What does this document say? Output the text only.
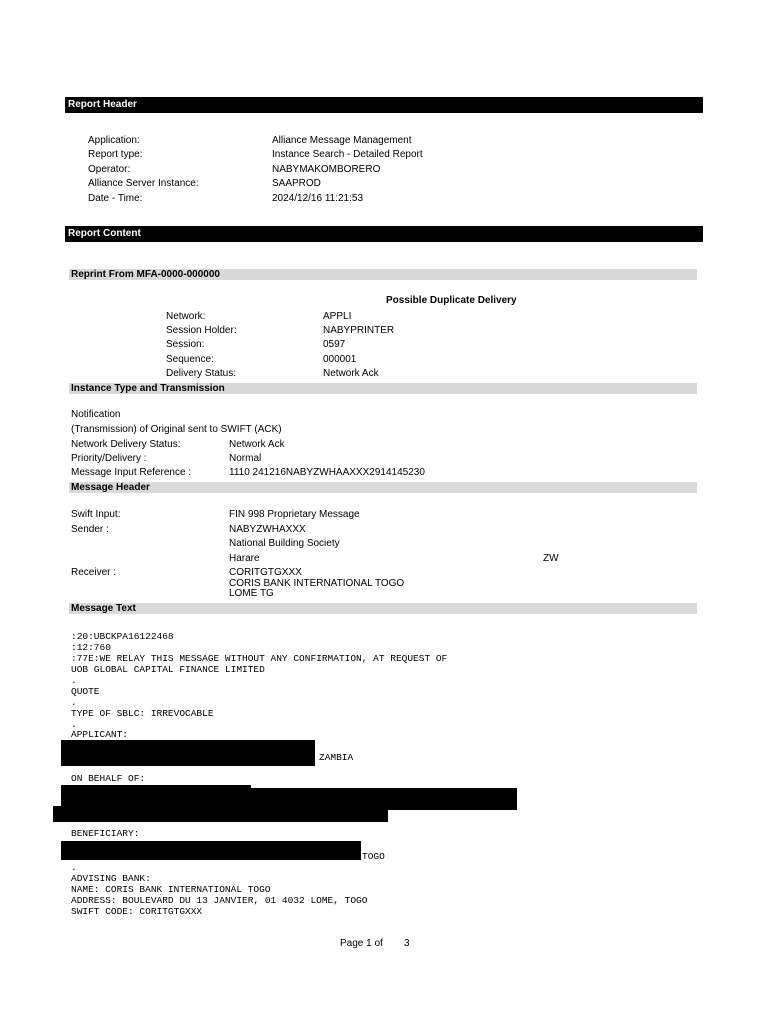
Report Header
Application:	Alliance Message Management
Report type:	Instance Search - Detailed Report
Operator:	NABYMAKOMBORERO
Alliance Server Instance:	SAAPROD
Date - Time:	2024/12/16 11:21:53
Report Content
Reprint From MFA-0000-000000
Possible Duplicate Delivery
Network:	APPLI
Session Holder:	NABYPRINTER
Session:	0597
Sequence:	000001
Delivery Status:	Network Ack
Instance Type and Transmission
Notification
(Transmission) of Original sent to SWIFT (ACK)
Network Delivery Status:	Network Ack
Priority/Delivery :	Normal
Message Input Reference :	1110 241216NABYZWHAAXXX2914145230
Message Header
Swift Input:	FIN 998 Proprietary Message
Sender :	NABYZWHAXXX
National Building Society
Harare	ZW
Receiver :	CORITGTGXXX
CORIS BANK INTERNATIONAL TOGO
LOME TG
Message Text
:20:UBCKPA16122468
:12:760
:77E:WE RELAY THIS MESSAGE WITHOUT ANY CONFIRMATION, AT REQUEST OF
UOB GLOBAL CAPITAL FINANCE LIMITED
.
QUOTE
.
TYPE OF SBLC: IRREVOCABLE
.
APPLICANT:
ZAMBIA
ON BEHALF OF:
BENEFICIARY:
TOGO
.
ADVISING BANK:
NAME: CORIS BANK INTERNATIONAL TOGO
ADDRESS: BOULEVARD DU 13 JANVIER, 01 4032 LOME, TOGO
SWIFT CODE: CORITGTGXXX
Page 1 of 3
